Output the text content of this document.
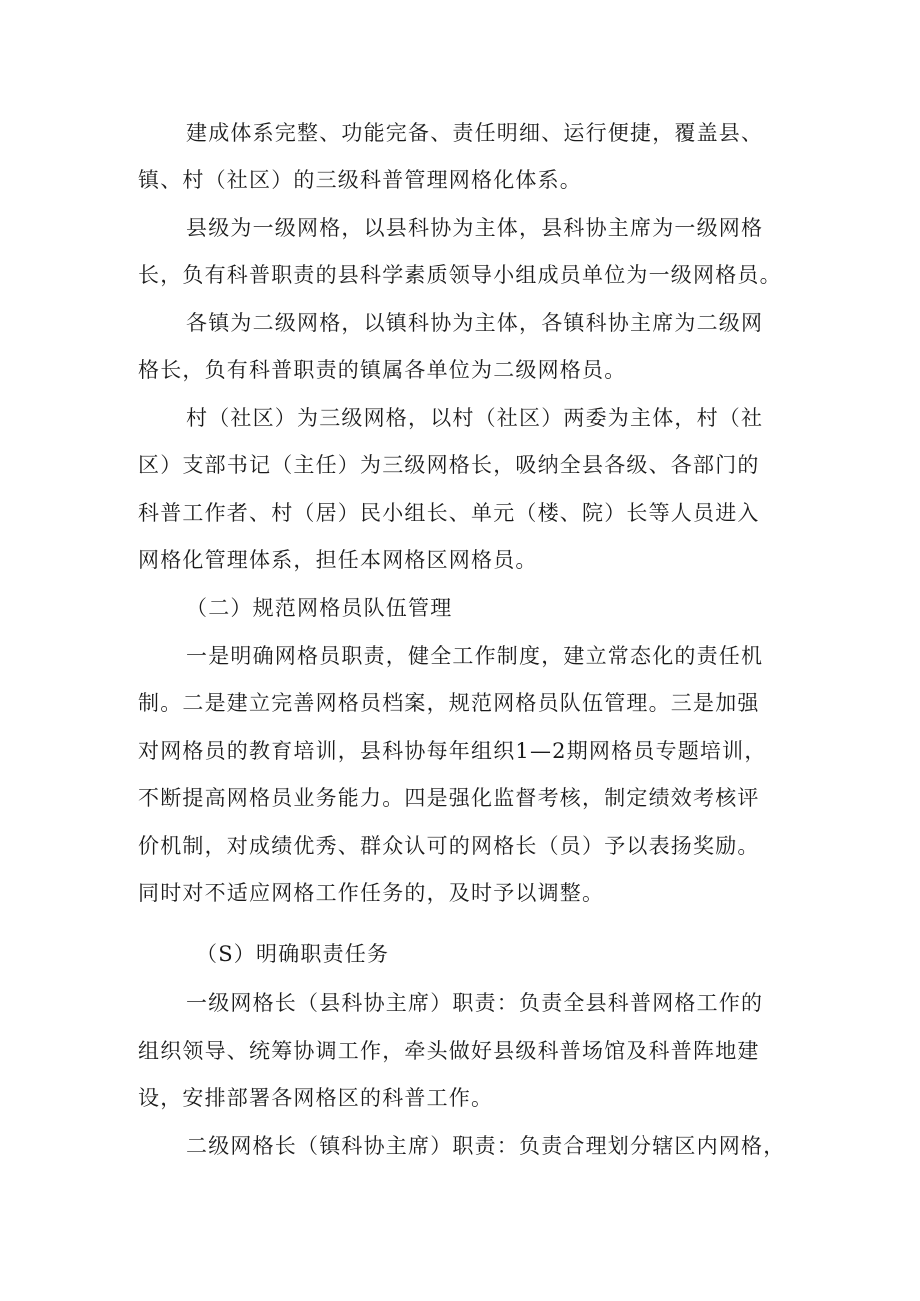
建成体系完整、功能完备、责任明细、运行便捷，覆盖县、

镇、村（社区）的三级科普管理网格化体系。

县级为一级网格，以县科协为主体，县科协主席为一级网格

长，负有科普职责的县科学素质领导小组成员单位为一级网格员。

各镇为二级网格，以镇科协为主体，各镇科协主席为二级网

格长，负有科普职责的镇属各单位为二级网格员。

村（社区）为三级网格，以村（社区）两委为主体，村（社

区）支部书记（主任）为三级网格长，吸纳全县各级、各部门的

科普工作者、村（居）民小组长、单元（楼、院）长等人员进入

网格化管理体系，担任本网格区网格员。

（二）规范网格员队伍管理

一是明确网格员职责，健全工作制度，建立常态化的责任机

制。二是建立完善网格员档案，规范网格员队伍管理。三是加强

对网格员的教育培训，县科协每年组织1—2期网格员专题培训，

不断提高网格员业务能力。四是强化监督考核，制定绩效考核评

价机制，对成绩优秀、群众认可的网格长（员）予以表扬奖励。

同时对不适应网格工作任务的，及时予以调整。

（S）明确职责任务

一级网格长（县科协主席）职责：负责全县科普网格工作的

组织领导、统筹协调工作，牵头做好县级科普场馆及科普阵地建

设，安排部署各网格区的科普工作。

二级网格长（镇科协主席）职责：负责合理划分辖区内网格，
